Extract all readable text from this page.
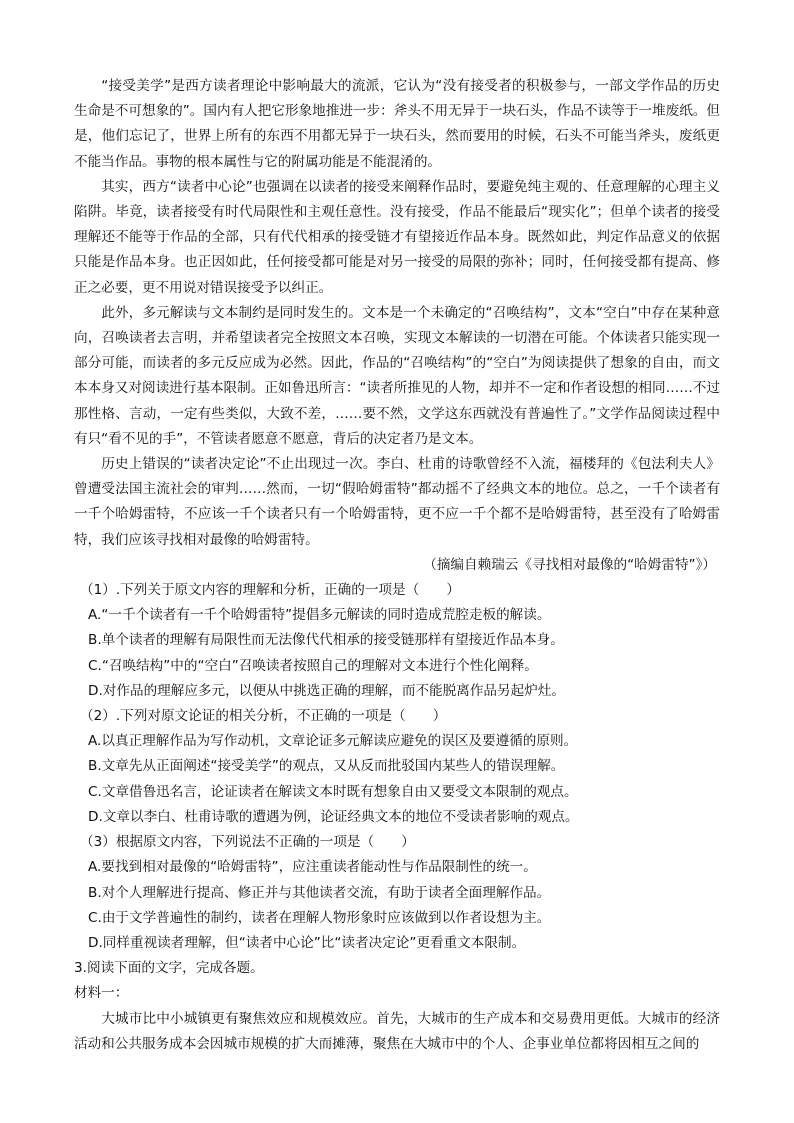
“接受美学”是西方读者理论中影响最大的流派，它认为“没有接受者的积极参与，一部文学作品的历史生命是不可想象的”。国内有人把它形象地推进一步：斧头不用无异于一块石头，作品不读等于一堆废纸。但是，他们忘记了，世界上所有的东西不用都无异于一块石头，然而要用的时候，石头不可能当斧头，废纸更不能当作品。事物的根本属性与它的附属功能是不能混淆的。

其实，西方“读者中心论”也强调在以读者的接受来阐释作品时，要避免纯主观的、任意理解的心理主义陷阱。毕竟，读者接受有时代局限性和主观任意性。没有接受，作品不能最后“现实化”；但单个读者的接受理解还不能等于作品的全部，只有代代相承的接受链才有望接近作品本身。既然如此，判定作品意义的依据只能是作品本身。也正因如此，任何接受都可能是对另一接受的局限的弥补；同时，任何接受都有提高、修正之必要，更不用说对错误接受予以纠正。

此外，多元解读与文本制约是同时发生的。文本是一个未确定的“召唤结构”，文本“空白”中存在某种意向，召唤读者去言明，并希望读者完全按照文本召唤，实现文本解读的一切潜在可能。个体读者只能实现一部分可能，而读者的多元反应成为必然。因此，作品的“召唤结构”的“空白”为阅读提供了想象的自由，而文本本身又对阅读进行基本限制。正如鲁迅所言：“读者所推见的人物，却并不一定和作者设想的相同……不过那性格、言动，一定有些类似，大致不差，……要不然，文学这东西就没有普遍性了。”文学作品阅读过程中有只“看不见的手”，不管读者愿意不愿意，背后的决定者乃是文本。

历史上错误的“读者决定论”不止出现过一次。李白、杜甫的诗歌曾经不入流，福楼拜的《包法利夫人》曾遭受法国主流社会的审判……然而，一切“假哈姆雷特”都动摇不了经典文本的地位。总之，一千个读者有一千个哈姆雷特，不应该一千个读者只有一个哈姆雷特，更不应一千个都不是哈姆雷特，甚至没有了哈姆雷特，我们应该寻找相对最像的哈姆雷特。

（摘编自赖瑞云《寻找相对最像的“哈姆雷特”》）

（1）.下列关于原文内容的理解和分析，正确的一项是（　　）

A.“一千个读者有一千个哈姆雷特”提倡多元解读的同时造成荒腔走板的解读。

B.单个读者的理解有局限性而无法像代代相承的接受链那样有望接近作品本身。

C.“召唤结构”中的“空白”召唤读者按照自己的理解对文本进行个性化阐释。

D.对作品的理解应多元，以便从中挑选正确的理解，而不能脱离作品另起炉灶。

（2）.下列对原文论证的相关分析，不正确的一项是（　　）

A.以真正理解作品为写作动机，文章论证多元解读应避免的误区及要遵循的原则。

B.文章先从正面阐述“接受美学”的观点，又从反而批驳国内某些人的错误理解。

C.文章借鲁迅名言，论证读者在解读文本时既有想象自由又要受文本限制的观点。

D.文章以李白、杜甫诗歌的遭遇为例，论证经典文本的地位不受读者影响的观点。

（3）根据原文内容，下列说法不正确的一项是（　　）

A.要找到相对最像的“哈姆雷特”，应注重读者能动性与作品限制性的统一。

B.对个人理解进行提高、修正并与其他读者交流，有助于读者全面理解作品。

C.由于文学普遍性的制约，读者在理解人物形象时应该做到以作者设想为主。

D.同样重视读者理解，但“读者中心论”比“读者决定论”更看重文本限制。

3.阅读下面的文字，完成各题。

材料一：

大城市比中小城镇更有聚焦效应和规模效应。首先，大城市的生产成本和交易费用更低。大城市的经济活动和公共服务成本会因城市规模的扩大而摊薄，聚焦在大城市中的个人、企事业单位都将因相互之间的
